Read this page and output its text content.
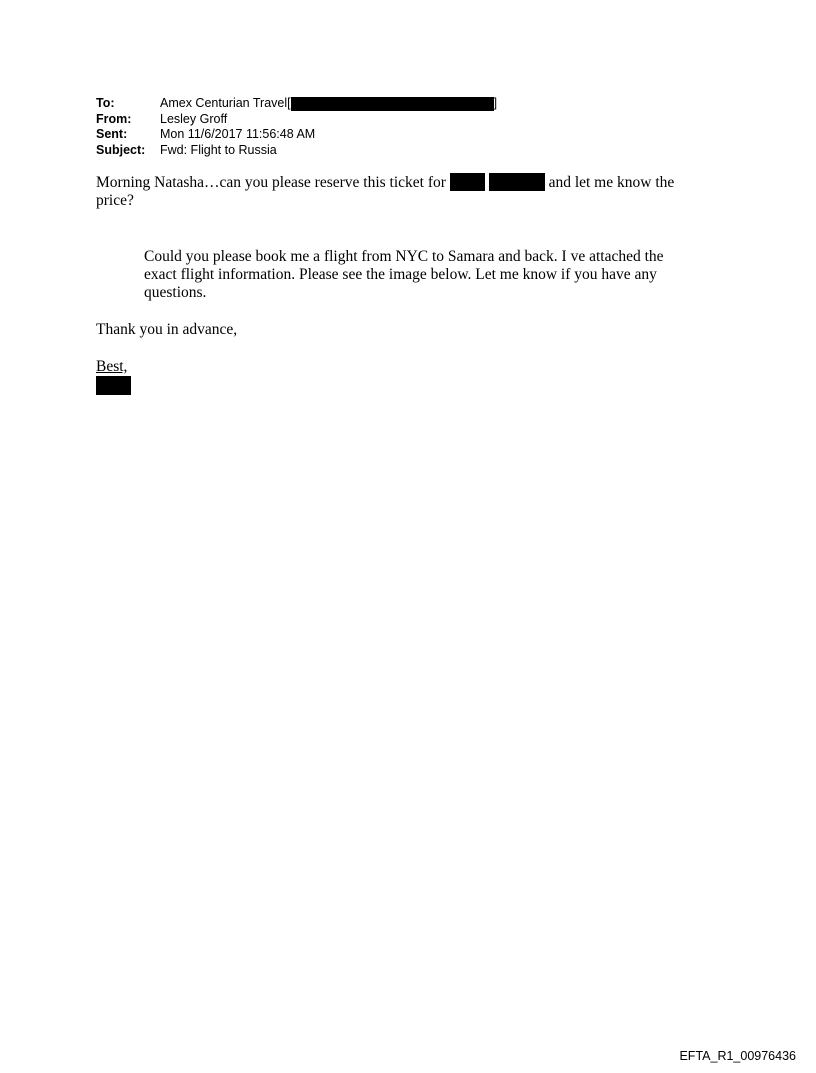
To:	Amex Centurian Travel[	]
From: Lesley Groff
Sent:	Mon 11/6/2017 11:56:48 AM
Subject: Fwd: Flight to Russia
Morning Natasha…can you please reserve this ticket for	and let me know the price?
Could you please book me a flight from NYC to Samara and back. I ve attached the exact flight information. Please see the image below. Let me know if you have any questions.
Thank you in advance,
Best,

EFTA_R1_00976436
